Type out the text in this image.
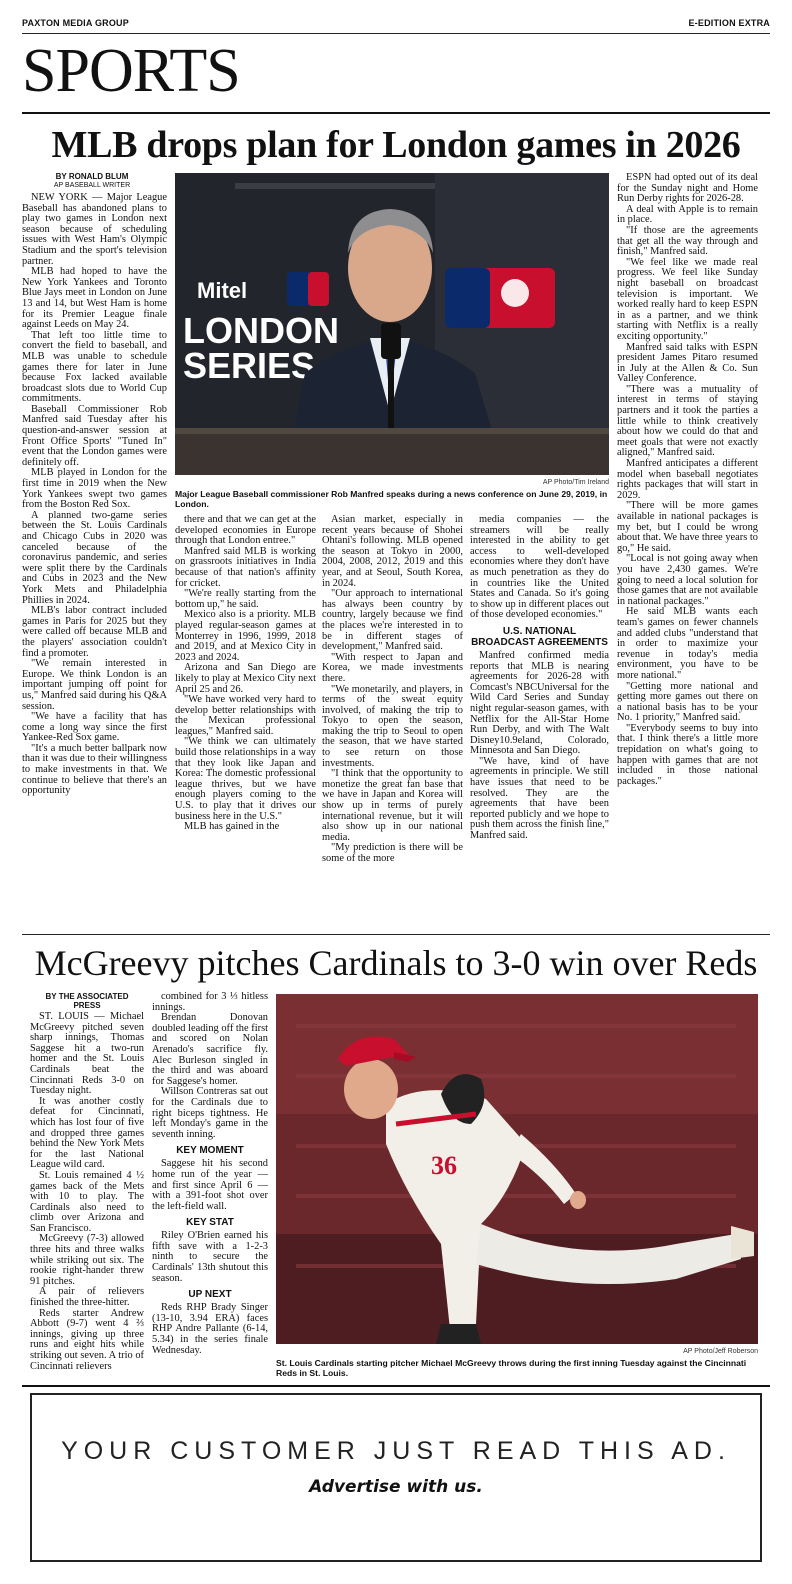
PAXTON MEDIA GROUP	E-EDITION EXTRA
SPORTS
MLB drops plan for London games in 2026
BY RONALD BLUM
AP BASEBALL WRITER

NEW YORK — Major League Baseball has abandoned plans to play two games in London next season because of scheduling issues with West Ham's Olympic Stadium and the sport's television partner.

MLB had hoped to have the New York Yankees and Toronto Blue Jays meet in London on June 13 and 14, but West Ham is home for its Premier League finale against Leeds on May 24.

That left too little time to convert the field to baseball, and MLB was unable to schedule games there for later in June because Fox lacked available broadcast slots due to World Cup commitments.

Baseball Commissioner Rob Manfred said Tuesday after his question-and-answer session at Front Office Sports' "Tuned In" event that the London games were definitely off.

MLB played in London for the first time in 2019 when the New York Yankees swept two games from the Boston Red Sox.

A planned two-game series between the St. Louis Cardinals and Chicago Cubs in 2020 was canceled because of the coronavirus pandemic, and series were split there by the Cardinals and Cubs in 2023 and the New York Mets and Philadelphia Phillies in 2024.

MLB's labor contract included games in Paris for 2025 but they were called off because MLB and the players' association couldn't find a promoter.

"We remain interested in Europe. We think London is an important jumping off point for us," Manfred said during his Q&A session.

"We have a facility that has come a long way since the first Yankee-Red Sox game.

"It's a much better ballpark now than it was due to their willingness to make investments in that. We continue to believe that there's an opportunity

Mitel
LONDON
SERIES
AP Photo/Tim Ireland
Major League Baseball commissioner Rob Manfred speaks during a news conference on June 29, 2019, in London.

there and that we can get at the developed economies in Europe through that London entree."

Manfred said MLB is working on grassroots initiatives in India because of that nation's affinity for cricket.

"We're really starting from the bottom up," he said.

Mexico also is a priority. MLB played regular-season games at Monterrey in 1996, 1999, 2018 and 2019, and at Mexico City in 2023 and 2024.

Arizona and San Diego are likely to play at Mexico City next April 25 and 26.

"We have worked very hard to develop better relationships with the Mexican professional leagues," Manfred said.

"We think we can ultimately build those relationships in a way that they look like Japan and Korea: The domestic professional league thrives, but we have enough players coming to the U.S. to play that it drives our business here in the U.S."

MLB has gained in the

Asian market, especially in recent years because of Shohei Ohtani's following. MLB opened the season at Tokyo in 2000, 2004, 2008, 2012, 2019 and this year, and at Seoul, South Korea, in 2024.

"Our approach to international has always been country by country, largely because we find the places we're interested in to be in different stages of development," Manfred said.

"With respect to Japan and Korea, we made investments there.

"We monetarily, and players, in terms of the sweat equity involved, of making the trip to Tokyo to open the season, making the trip to Seoul to open the season, that we have started to see return on those investments.

"I think that the opportunity to monetize the great fan base that we have in Japan and Korea will show up in terms of purely international revenue, but it will also show up in our national media.

"My prediction is there will be some of the more

media companies — the streamers will be really interested in the ability to get access to well-developed economies where they don't have as much penetration as they do in countries like the United States and Canada. So it's going to show up in different places out of those developed economies."

U.S. NATIONAL BROADCAST AGREEMENTS

Manfred confirmed media reports that MLB is nearing agreements for 2026-28 with Comcast's NBCUniversal for the Wild Card Series and Sunday night regular-season games, with Netflix for the All-Star Home Run Derby, and with The Walt Disney10.9eland, Colorado, Minnesota and San Diego.

"We have, kind of have agreements in principle. We still have issues that need to be resolved. They are the agreements that have been reported publicly and we hope to push them across the finish line," Manfred said.

ESPN had opted out of its deal for the Sunday night and Home Run Derby rights for 2026-28.

A deal with Apple is to remain in place.

"If those are the agreements that get all the way through and finish," Manfred said.

"We feel like we made real progress. We feel like Sunday night baseball on broadcast television is important. We worked really hard to keep ESPN in as a partner, and we think starting with Netflix is a really exciting opportunity."

Manfred said talks with ESPN president James Pitaro resumed in July at the Allen & Co. Sun Valley Conference.

"There was a mutuality of interest in terms of staying partners and it took the parties a little while to think creatively about how we could do that and meet goals that were not exactly aligned," Manfred said.

Manfred anticipates a different model when baseball negotiates rights packages that will start in 2029.

"There will be more games available in national packages is my bet, but I could be wrong about that. We have three years to go," He said.

"Local is not going away when you have 2,430 games. We're going to need a local solution for those games that are not available in national packages."

He said MLB wants each team's games on fewer channels and added clubs "understand that in order to maximize your revenue in today's media environment, you have to be more national."

"Getting more national and getting more games out there on a national basis has to be your No. 1 priority," Manfred said.

"Everybody seems to buy into that. I think there's a little more trepidation on what's going to happen with games that are not included in those national packages."

McGreevy pitches Cardinals to 3-0 win over Reds
BY THE ASSOCIATED PRESS

ST. LOUIS — Michael McGreevy pitched seven sharp innings, Thomas Saggese hit a two-run homer and the St. Louis Cardinals beat the Cincinnati Reds 3-0 on Tuesday night.

It was another costly defeat for Cincinnati, which has lost four of five and dropped three games behind the New York Mets for the last National League wild card.

St. Louis remained 4 ½ games back of the Mets with 10 to play. The Cardinals also need to climb over Arizona and San Francisco.

McGreevy (7-3) allowed three hits and three walks while striking out six. The rookie right-hander threw 91 pitches.

A pair of relievers finished the three-hitter.

Reds starter Andrew Abbott (9-7) went 4 ⅔ innings, giving up three runs and eight hits while striking out seven. A trio of Cincinnati relievers

combined for 3 ⅓ hitless innings.

Brendan Donovan doubled leading off the first and scored on Nolan Arenado's sacrifice fly. Alec Burleson singled in the third and was aboard for Saggese's homer.

Willson Contreras sat out for the Cardinals due to right biceps tightness. He left Monday's game in the seventh inning.

KEY MOMENT

Saggese hit his second home run of the year — and first since April 6 — with a 391-foot shot over the left-field wall.

KEY STAT

Riley O'Brien earned his fifth save with a 1-2-3 ninth to secure the Cardinals' 13th shutout this season.

UP NEXT

Reds RHP Brady Singer (13-10, 3.94 ERA) faces RHP Andre Pallante (6-14, 5.34) in the series finale Wednesday.

36
AP Photo/Jeff Roberson
St. Louis Cardinals starting pitcher Michael McGreevy throws during the first inning Tuesday against the Cincinnati Reds in St. Louis.
YOUR CUSTOMER JUST READ THIS AD.
Advertise with us.
